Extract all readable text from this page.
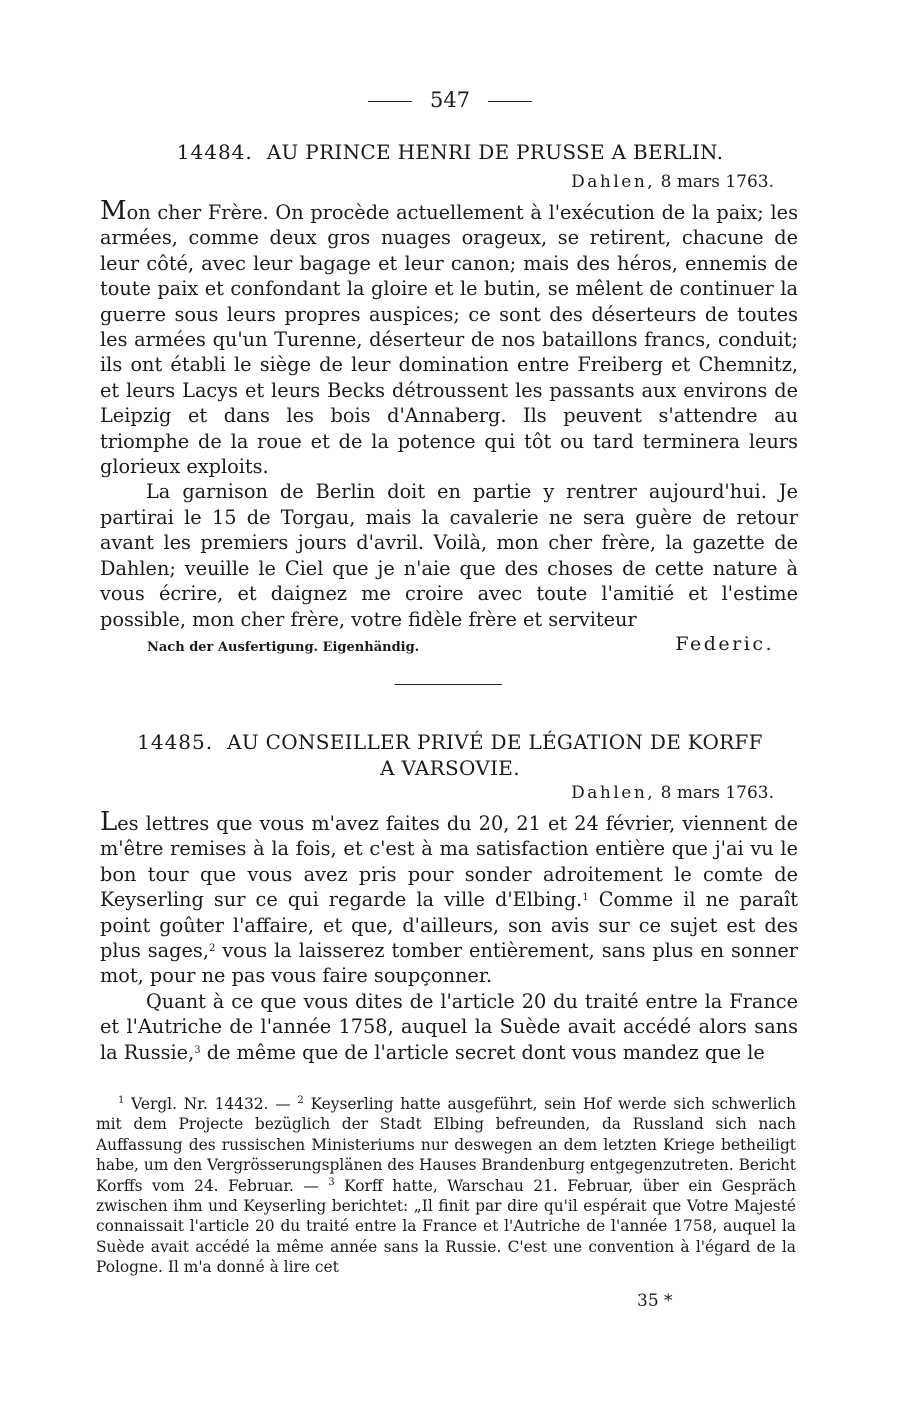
547
14484. AU PRINCE HENRI DE PRUSSE A BERLIN.
Dahlen, 8 mars 1763.

Mon cher Frère. On procède actuellement à l'exécution de la paix; les armées, comme deux gros nuages orageux, se retirent, chacune de leur côté, avec leur bagage et leur canon; mais des héros, ennemis de toute paix et confondant la gloire et le butin, se mêlent de continuer la guerre sous leurs propres auspices; ce sont des déserteurs de toutes les armées qu'un Turenne, déserteur de nos bataillons francs, conduit; ils ont établi le siège de leur domination entre Freiberg et Chemnitz, et leurs Lacys et leurs Becks détroussent les passants aux environs de Leipzig et dans les bois d'Annaberg. Ils peuvent s'attendre au triomphe de la roue et de la potence qui tôt ou tard terminera leurs glorieux exploits.

La garnison de Berlin doit en partie y rentrer aujourd'hui. Je partirai le 15 de Torgau, mais la cavalerie ne sera guère de retour avant les premiers jours d'avril. Voilà, mon cher frère, la gazette de Dahlen; veuille le Ciel que je n'aie que des choses de cette nature à vous écrire, et daignez me croire avec toute l'amitié et l'estime possible, mon cher frère, votre fidèle frère et serviteur

Nach der Ausfertigung. Eigenhändig.	Federic.
14485. AU CONSEILLER PRIVÉ DE LÉGATION DE KORFF
A VARSOVIE.
Dahlen, 8 mars 1763.

Les lettres que vous m'avez faites du 20, 21 et 24 février, viennent de m'être remises à la fois, et c'est à ma satisfaction entière que j'ai vu le bon tour que vous avez pris pour sonder adroitement le comte de Keyserling sur ce qui regarde la ville d'Elbing.$^1$ Comme il ne paraît point goûter l'affaire, et que, d'ailleurs, son avis sur ce sujet est des plus sages,$^2$ vous la laisserez tomber entièrement, sans plus en sonner mot, pour ne pas vous faire soupçonner.

Quant à ce que vous dites de l'article 20 du traité entre la France et l'Autriche de l'année 1758, auquel la Suède avait accédé alors sans la Russie,$^3$ de même que de l'article secret dont vous mandez que le

$^1$ Vergl. Nr. 14432. — $^2$ Keyserling hatte ausgeführt, sein Hof werde sich schwerlich mit dem Projecte bezüglich der Stadt Elbing befreunden, da Russland sich nach Auffassung des russischen Ministeriums nur deswegen an dem letzten Kriege betheiligt habe, um den Vergrösserungsplänen des Hauses Brandenburg entgegenzutreten. Bericht Korffs vom 24. Februar. — $^3$ Korff hatte, Warschau 21. Februar, über ein Gespräch zwischen ihm und Keyserling berichtet: „Il finit par dire qu'il espérait que Votre Majesté connaissait l'article 20 du traité entre la France et l'Autriche de l'année 1758, auquel la Suède avait accédé la même année sans la Russie. C'est une convention à l'égard de la Pologne. Il m'a donné à lire cet

35 *
